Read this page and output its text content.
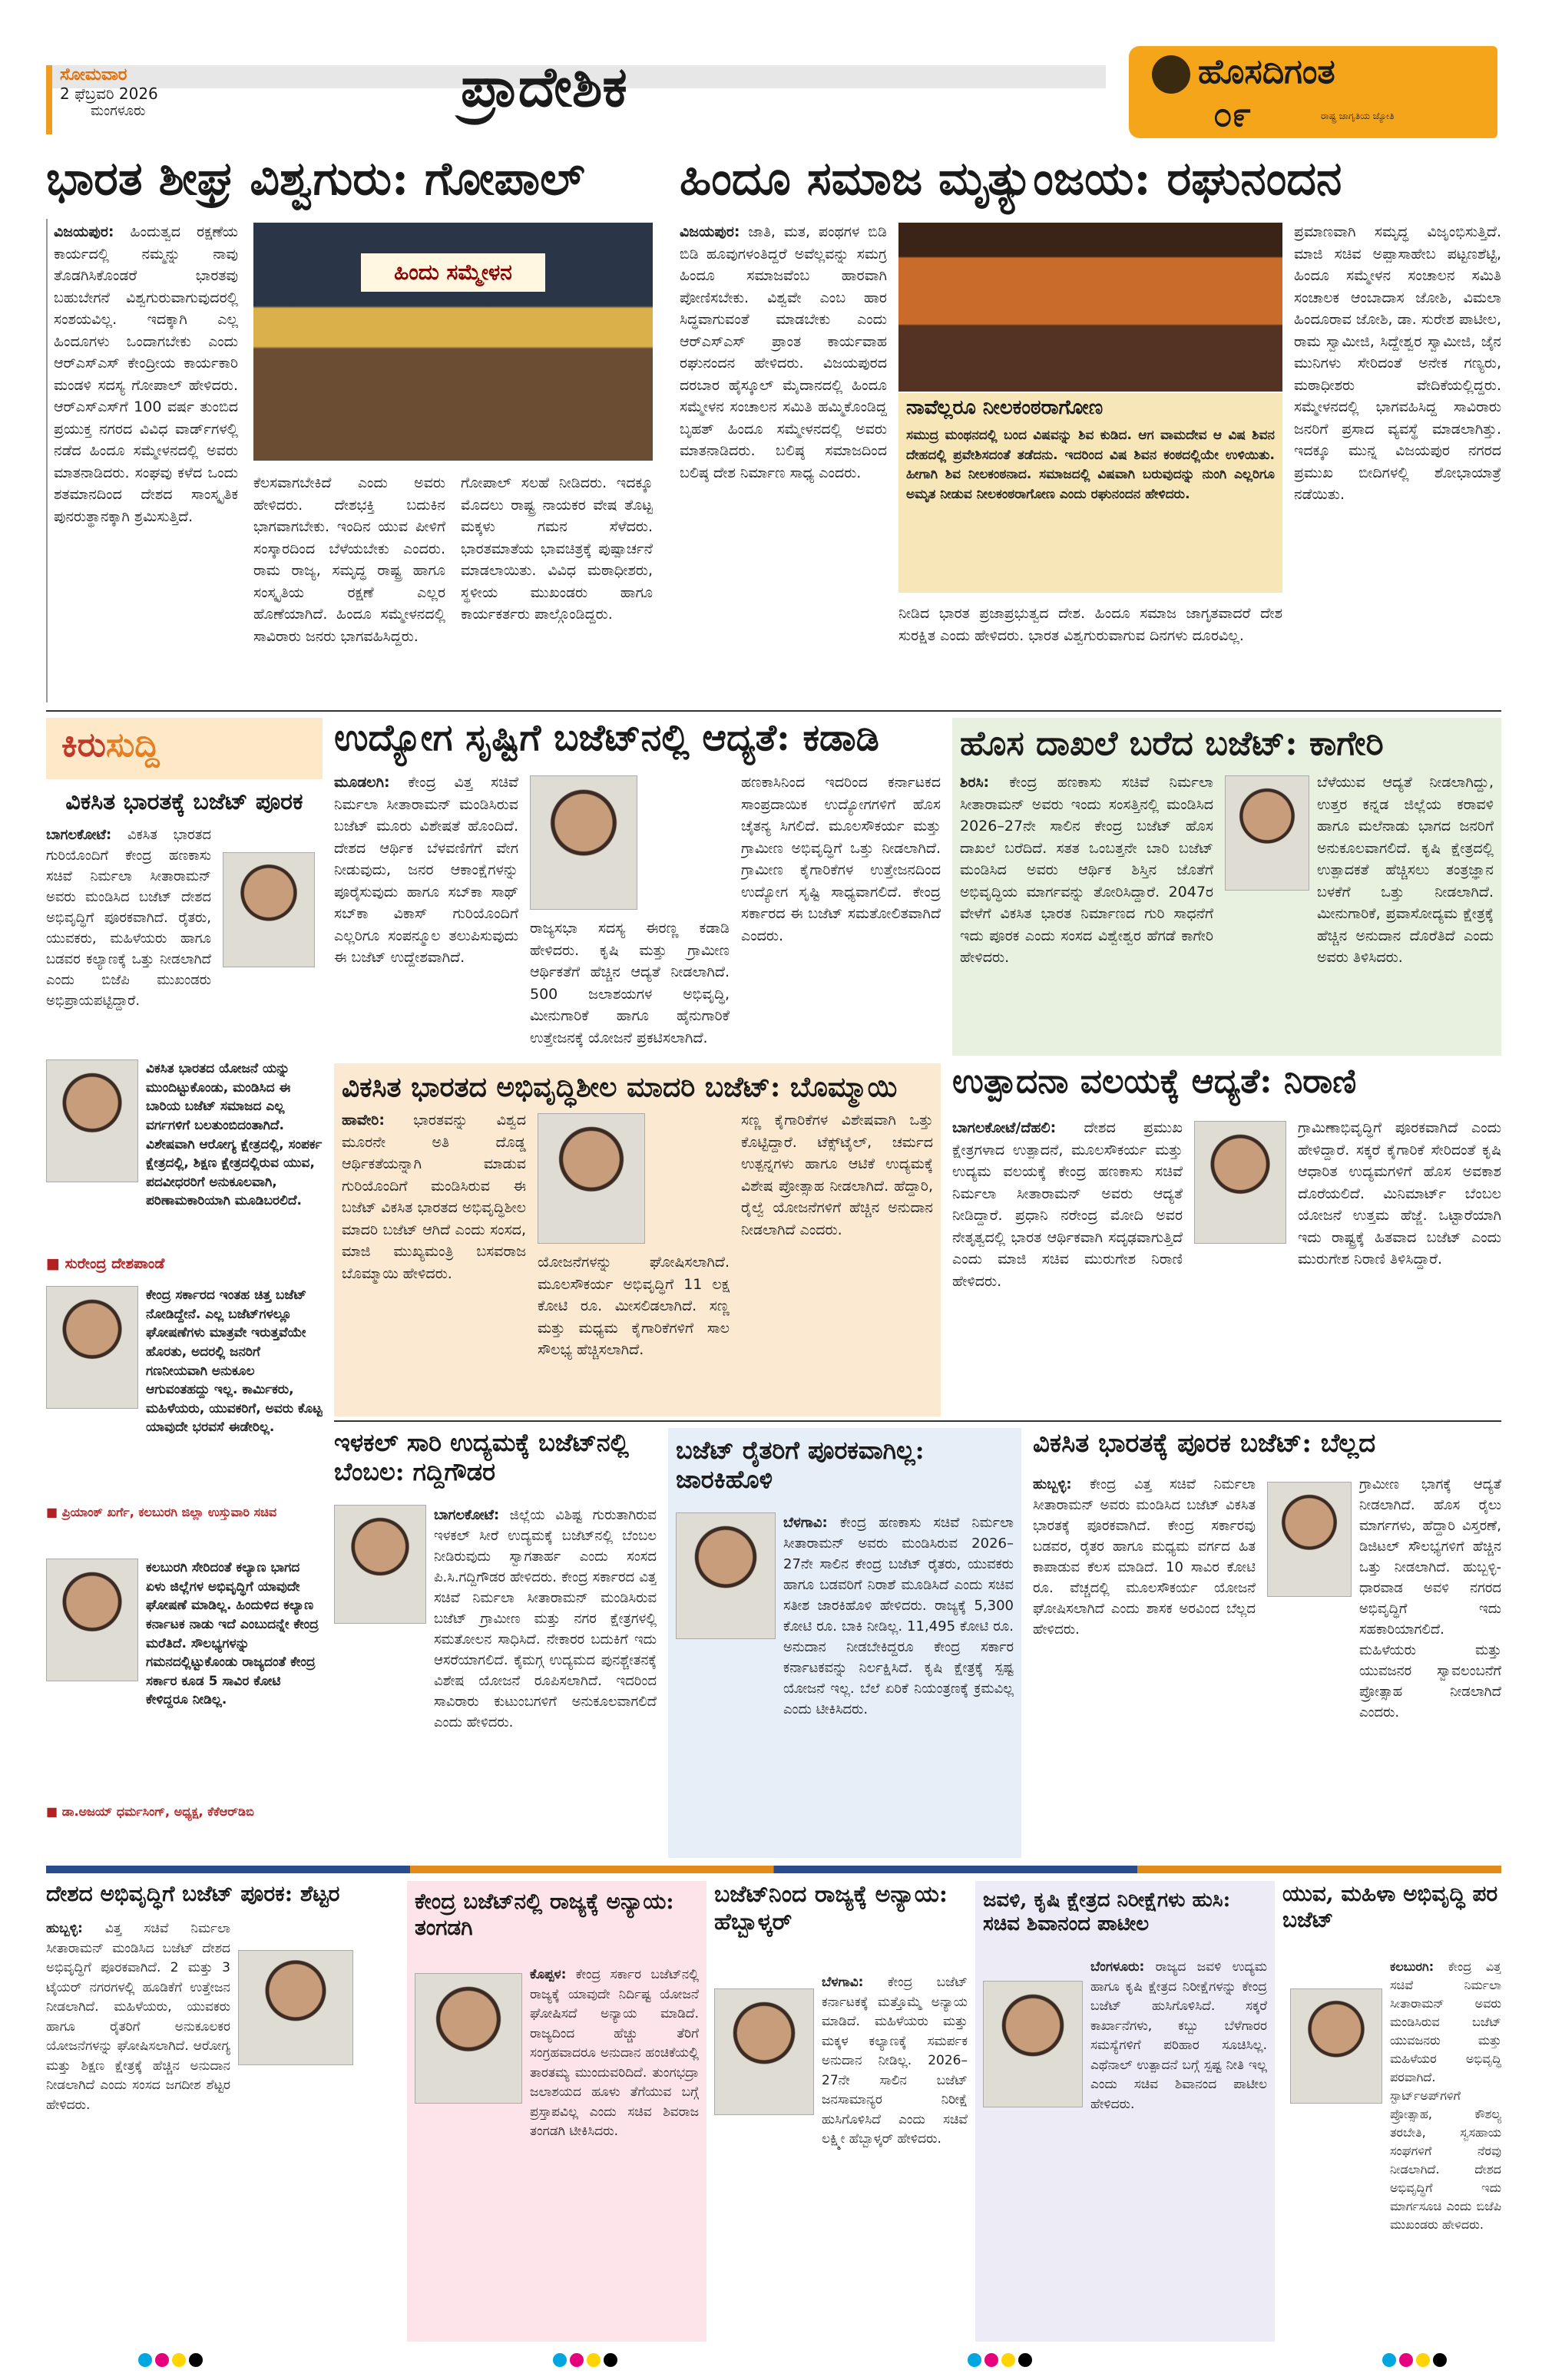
ಸೋಮವಾರ
2 ಫೆಬ್ರವರಿ 2026
ಮಂಗಳೂರು	ಪ್ರಾದೇಶಿಕ	ಹೊಸದಿಗಂತ
೦೯	ರಾಷ್ಟ್ರ ಜಾಗೃತಿಯ ಜ್ಯೋತಿ
ಭಾರತ ಶೀಘ್ರ ವಿಶ್ವಗುರು: ಗೋಪಾಲ್
ವಿಜಯಪುರ: ಹಿಂದುತ್ವದ ರಕ್ಷಣೆಯ ಕಾರ್ಯದಲ್ಲಿ ನಮ್ಮನ್ನು ನಾವು ತೊಡಗಿಸಿಕೊಂಡರೆ ಭಾರತವು ಬಹುಬೇಗನೆ ವಿಶ್ವಗುರುವಾಗುವುದರಲ್ಲಿ ಸಂಶಯವಿಲ್ಲ. ಇದಕ್ಕಾಗಿ ಎಲ್ಲ ಹಿಂದೂಗಳು ಒಂದಾಗಬೇಕು ಎಂದು ಆರ್‌ಎಸ್‌ಎಸ್ ಕೇಂದ್ರೀಯ ಕಾರ್ಯಕಾರಿ ಮಂಡಳಿ ಸದಸ್ಯ ಗೋಪಾಲ್ ಹೇಳಿದರು. ಆರ್‌ಎಸ್‌ಎಸ್‌ಗೆ 100 ವರ್ಷ ತುಂಬಿದ ಪ್ರಯುಕ್ತ ನಗರದ ವಿವಿಧ ವಾರ್ಡ್‌ಗಳಲ್ಲಿ ನಡೆದ ಹಿಂದೂ ಸಮ್ಮೇಳನದಲ್ಲಿ ಅವರು ಮಾತನಾಡಿದರು. ಸಂಘವು ಕಳೆದ ಒಂದು ಶತಮಾನದಿಂದ ದೇಶದ ಸಾಂಸ್ಕೃತಿಕ ಪುನರುತ್ಥಾನಕ್ಕಾಗಿ ಶ್ರಮಿಸುತ್ತಿದೆ.
ಹಿಂದು ಸಮ್ಮೇಳನ
ಕೆಲಸವಾಗಬೇಕಿದೆ ಎಂದು ಅವರು ಹೇಳಿದರು. ದೇಶಭಕ್ತಿ ಬದುಕಿನ ಭಾಗವಾಗಬೇಕು. ಇಂದಿನ ಯುವ ಪೀಳಿಗೆ ಸಂಸ್ಕಾರದಿಂದ ಬೆಳೆಯಬೇಕು ಎಂದರು. ರಾಮ ರಾಜ್ಯ, ಸಮೃದ್ಧ ರಾಷ್ಟ್ರ ಹಾಗೂ ಸಂಸ್ಕೃತಿಯ ರಕ್ಷಣೆ ಎಲ್ಲರ ಹೊಣೆಯಾಗಿದೆ. ಹಿಂದೂ ಸಮ್ಮೇಳನದಲ್ಲಿ ಸಾವಿರಾರು ಜನರು ಭಾಗವಹಿಸಿದ್ದರು.
ಗೋಪಾಲ್ ಸಲಹೆ ನೀಡಿದರು. ಇದಕ್ಕೂ ಮೊದಲು ರಾಷ್ಟ್ರ ನಾಯಕರ ವೇಷ ತೊಟ್ಟ ಮಕ್ಕಳು ಗಮನ ಸೆಳೆದರು. ಭಾರತಮಾತೆಯ ಭಾವಚಿತ್ರಕ್ಕೆ ಪುಷ್ಪಾರ್ಚನೆ ಮಾಡಲಾಯಿತು. ವಿವಿಧ ಮಠಾಧೀಶರು, ಸ್ಥಳೀಯ ಮುಖಂಡರು ಹಾಗೂ ಕಾರ್ಯಕರ್ತರು ಪಾಲ್ಗೊಂಡಿದ್ದರು.
ಹಿಂದೂ ಸಮಾಜ ಮೃತ್ಯುಂಜಯ: ರಘುನಂದನ
ವಿಜಯಪುರ: ಜಾತಿ, ಮತ, ಪಂಥಗಳ ಬಿಡಿ ಬಿಡಿ ಹೂವುಗಳಂತಿದ್ದರೆ ಅವೆಲ್ಲವನ್ನು ಸಮಗ್ರ ಹಿಂದೂ ಸಮಾಜವೆಂಬ ಹಾರವಾಗಿ ಪೋಣಿಸಬೇಕು. ವಿಶ್ವವೇ ಎಂಬ ಹಾರ ಸಿದ್ಧವಾಗುವಂತೆ ಮಾಡಬೇಕು ಎಂದು ಆರ್‌ಎಸ್‌ಎಸ್ ಪ್ರಾಂತ ಕಾರ್ಯವಾಹ ರಘುನಂದನ ಹೇಳಿದರು. ವಿಜಯಪುರದ ದರಬಾರ ಹೈಸ್ಕೂಲ್ ಮೈದಾನದಲ್ಲಿ ಹಿಂದೂ ಸಮ್ಮೇಳನ ಸಂಚಾಲನ ಸಮಿತಿ ಹಮ್ಮಿಕೊಂಡಿದ್ದ ಬೃಹತ್ ಹಿಂದೂ ಸಮ್ಮೇಳನದಲ್ಲಿ ಅವರು ಮಾತನಾಡಿದರು. ಬಲಿಷ್ಠ ಸಮಾಜದಿಂದ ಬಲಿಷ್ಠ ದೇಶ ನಿರ್ಮಾಣ ಸಾಧ್ಯ ಎಂದರು.
ನಾವೆಲ್ಲರೂ ನೀಲಕಂಠರಾಗೋಣ
ಸಮುದ್ರ ಮಂಥನದಲ್ಲಿ ಬಂದ ವಿಷವನ್ನು ಶಿವ ಕುಡಿದ. ಆಗ ವಾಮದೇವ ಆ ವಿಷ ಶಿವನ ದೇಹದಲ್ಲಿ ಪ್ರವೇಶಿಸದಂತೆ ತಡೆದನು. ಇದರಿಂದ ವಿಷ ಶಿವನ ಕಂಠದಲ್ಲಿಯೇ ಉಳಿಯಿತು. ಹೀಗಾಗಿ ಶಿವ ನೀಲಕಂಠನಾದ. ಸಮಾಜದಲ್ಲಿ ವಿಷವಾಗಿ ಬರುವುದನ್ನು ನುಂಗಿ ಎಲ್ಲರಿಗೂ ಅಮೃತ ನೀಡುವ ನೀಲಕಂಠರಾಗೋಣ ಎಂದು ರಘುನಂದನ ಹೇಳಿದರು.
ನೀಡಿದ ಭಾರತ ಪ್ರಜಾಪ್ರಭುತ್ವದ ದೇಶ. ಹಿಂದೂ ಸಮಾಜ ಜಾಗೃತವಾದರೆ ದೇಶ ಸುರಕ್ಷಿತ ಎಂದು ಹೇಳಿದರು. ಭಾರತ ವಿಶ್ವಗುರುವಾಗುವ ದಿನಗಳು ದೂರವಿಲ್ಲ.
ಪ್ರಮಾಣವಾಗಿ ಸಮೃದ್ಧ ವಿಜೃಂಭಿಸುತ್ತಿದೆ. ಮಾಜಿ ಸಚಿವ ಅಪ್ಪಾಸಾಹೇಬ ಪಟ್ಟಣಶೆಟ್ಟಿ, ಹಿಂದೂ ಸಮ್ಮೇಳನ ಸಂಚಾಲನ ಸಮಿತಿ ಸಂಚಾಲಕ ಆಂಬಾದಾಸ ಜೋಶಿ, ವಿಮಲಾ ಹಿಂದೂರಾವ ಜೋಶಿ, ಡಾ. ಸುರೇಶ ಪಾಟೀಲ, ರಾಮ ಸ್ವಾಮೀಜಿ, ಸಿದ್ದೇಶ್ವರ ಸ್ವಾಮೀಜಿ, ಜೈನ ಮುನಿಗಳು ಸೇರಿದಂತೆ ಅನೇಕ ಗಣ್ಯರು, ಮಠಾಧೀಶರು ವೇದಿಕೆಯಲ್ಲಿದ್ದರು. ಸಮ್ಮೇಳನದಲ್ಲಿ ಭಾಗವಹಿಸಿದ್ದ ಸಾವಿರಾರು ಜನರಿಗೆ ಪ್ರಸಾದ ವ್ಯವಸ್ಥೆ ಮಾಡಲಾಗಿತ್ತು. ಇದಕ್ಕೂ ಮುನ್ನ ವಿಜಯಪುರ ನಗರದ ಪ್ರಮುಖ ಬೀದಿಗಳಲ್ಲಿ ಶೋಭಾಯಾತ್ರೆ ನಡೆಯಿತು.
ಕಿರುಸುದ್ದಿ
ವಿಕಸಿತ ಭಾರತಕ್ಕೆ ಬಜೆಟ್ ಪೂರಕ
ಬಾಗಲಕೋಟೆ: ವಿಕಸಿತ ಭಾರತದ ಗುರಿಯೊಂದಿಗೆ ಕೇಂದ್ರ ಹಣಕಾಸು ಸಚಿವೆ ನಿರ್ಮಲಾ ಸೀತಾರಾಮನ್ ಅವರು ಮಂಡಿಸಿದ ಬಜೆಟ್ ದೇಶದ ಅಭಿವೃದ್ಧಿಗೆ ಪೂರಕವಾಗಿದೆ. ರೈತರು, ಯುವಕರು, ಮಹಿಳೆಯರು ಹಾಗೂ ಬಡವರ ಕಲ್ಯಾಣಕ್ಕೆ ಒತ್ತು ನೀಡಲಾಗಿದೆ ಎಂದು ಬಿಜೆಪಿ ಮುಖಂಡರು ಅಭಿಪ್ರಾಯಪಟ್ಟಿದ್ದಾರೆ.
ವಿಕಸಿತ ಭಾರತದ ಯೋಜನೆ ಯನ್ನು ಮುಂದಿಟ್ಟುಕೊಂಡು, ಮಂಡಿಸಿದ ಈ ಬಾರಿಯ ಬಜೆಟ್ ಸಮಾಜದ ಎಲ್ಲ ವರ್ಗಗಳಿಗೆ ಬಲತುಂಬಿದಂತಾಗಿದೆ. ವಿಶೇಷವಾಗಿ ಆರೋಗ್ಯ ಕ್ಷೇತ್ರದಲ್ಲಿ, ಸಂಪರ್ಕ ಕ್ಷೇತ್ರದಲ್ಲಿ, ಶಿಕ್ಷಣ ಕ್ಷೇತ್ರದಲ್ಲಿರುವ ಯುವ, ಪದವೀಧರರಿಗೆ ಅನುಕೂಲವಾಗಿ, ಪರಿಣಾಮಕಾರಿಯಾಗಿ ಮೂಡಿಬರಲಿದೆ.
■ ಸುರೇಂದ್ರ ದೇಶಪಾಂಡೆ
ಕೇಂದ್ರ ಸರ್ಕಾರದ ಇಂತಹ ಚಿತ್ತ ಬಜೆಟ್ ನೋಡಿದ್ದೇನೆ. ಎಲ್ಲ ಬಜೆಟ್‌ಗಳಲ್ಲೂ ಘೋಷಣೆಗಳು ಮಾತ್ರವೇ ಇರುತ್ತವೆಯೇ ಹೊರತು, ಅದರಲ್ಲಿ ಜನರಿಗೆ ಗಣನೀಯವಾಗಿ ಅನುಕೂಲ ಆಗುವಂತಹದ್ದು ಇಲ್ಲ. ಕಾರ್ಮಿಕರು, ಮಹಿಳೆಯರು, ಯುವಕರಿಗೆ, ಅವರು ಕೊಟ್ಟ ಯಾವುದೇ ಭರವಸೆ ಈಡೇರಿಲ್ಲ.
■ ಪ್ರಿಯಾಂಕ್ ಖರ್ಗೆ, ಕಲಬುರಗಿ ಜಿಲ್ಲಾ ಉಸ್ತುವಾರಿ ಸಚಿವ
ಕಲಬುರಗಿ ಸೇರಿದಂತೆ ಕಲ್ಯಾಣ ಭಾಗದ ಏಳು ಜಿಲ್ಲೆಗಳ ಅಭಿವೃದ್ಧಿಗೆ ಯಾವುದೇ ಘೋಷಣೆ ಮಾಡಿಲ್ಲ. ಹಿಂದುಳಿದ ಕಲ್ಯಾಣ ಕರ್ನಾಟಕ ನಾಡು ಇದೆ ಎಂಬುದನ್ನೇ ಕೇಂದ್ರ ಮರೆತಿದೆ. ಸೌಲಭ್ಯಗಳನ್ನು ಗಮನದಲ್ಲಿಟ್ಟುಕೊಂಡು ರಾಜ್ಯದಂತೆ ಕೇಂದ್ರ ಸರ್ಕಾರ ಕೂಡ 5 ಸಾವಿರ ಕೋಟಿ ಕೇಳಿದ್ದರೂ ನೀಡಿಲ್ಲ.
■ ಡಾ.ಅಜಯ್ ಧರ್ಮಸಿಂಗ್, ಅಧ್ಯಕ್ಷ, ಕೆಕೆಆರ್‌ಡಿಬಿ
ಉದ್ಯೋಗ ಸೃಷ್ಟಿಗೆ ಬಜೆಟ್‌ನಲ್ಲಿ ಆದ್ಯತೆ: ಕಡಾಡಿ
ಮೂಡಲಗಿ: ಕೇಂದ್ರ ವಿತ್ತ ಸಚಿವೆ ನಿರ್ಮಲಾ ಸೀತಾರಾಮನ್ ಮಂಡಿಸಿರುವ ಬಜೆಟ್ ಮೂರು ವಿಶೇಷತೆ ಹೊಂದಿದೆ. ದೇಶದ ಆರ್ಥಿಕ ಬೆಳವಣಿಗೆಗೆ ವೇಗ ನೀಡುವುದು, ಜನರ ಆಕಾಂಕ್ಷೆಗಳನ್ನು ಪೂರೈಸುವುದು ಹಾಗೂ ಸಬ್‌ಕಾ ಸಾಥ್ ಸಬ್‌ಕಾ ವಿಕಾಸ್ ಗುರಿಯೊಂದಿಗೆ ಎಲ್ಲರಿಗೂ ಸಂಪನ್ಮೂಲ ತಲುಪಿಸುವುದು ಈ ಬಜೆಟ್ ಉದ್ದೇಶವಾಗಿದೆ.
ರಾಜ್ಯಸಭಾ ಸದಸ್ಯ ಈರಣ್ಣ ಕಡಾಡಿ ಹೇಳಿದರು. ಕೃಷಿ ಮತ್ತು ಗ್ರಾಮೀಣ ಆರ್ಥಿಕತೆಗೆ ಹೆಚ್ಚಿನ ಆದ್ಯತೆ ನೀಡಲಾಗಿದೆ. 500 ಜಲಾಶಯಗಳ ಅಭಿವೃದ್ಧಿ, ಮೀನುಗಾರಿಕೆ ಹಾಗೂ ಹೈನುಗಾರಿಕೆ ಉತ್ತೇಜನಕ್ಕೆ ಯೋಜನೆ ಪ್ರಕಟಿಸಲಾಗಿದೆ.
ಹಣಕಾಸಿನಿಂದ ಇದರಿಂದ ಕರ್ನಾಟಕದ ಸಾಂಪ್ರದಾಯಿಕ ಉದ್ಯೋಗಗಳಿಗೆ ಹೊಸ ಚೈತನ್ಯ ಸಿಗಲಿದೆ. ಮೂಲಸೌಕರ್ಯ ಮತ್ತು ಗ್ರಾಮೀಣ ಅಭಿವೃದ್ಧಿಗೆ ಒತ್ತು ನೀಡಲಾಗಿದೆ. ಗ್ರಾಮೀಣ ಕೈಗಾರಿಕೆಗಳ ಉತ್ತೇಜನದಿಂದ ಉದ್ಯೋಗ ಸೃಷ್ಟಿ ಸಾಧ್ಯವಾಗಲಿದೆ. ಕೇಂದ್ರ ಸರ್ಕಾರದ ಈ ಬಜೆಟ್ ಸಮತೋಲಿತವಾಗಿದೆ ಎಂದರು.
ಹೊಸ ದಾಖಲೆ ಬರೆದ ಬಜೆಟ್: ಕಾಗೇರಿ
ಶಿರಸಿ: ಕೇಂದ್ರ ಹಣಕಾಸು ಸಚಿವೆ ನಿರ್ಮಲಾ ಸೀತಾರಾಮನ್ ಅವರು ಇಂದು ಸಂಸತ್ತಿನಲ್ಲಿ ಮಂಡಿಸಿದ 2026–27ನೇ ಸಾಲಿನ ಕೇಂದ್ರ ಬಜೆಟ್ ಹೊಸ ದಾಖಲೆ ಬರೆದಿದೆ. ಸತತ ಒಂಬತ್ತನೇ ಬಾರಿ ಬಜೆಟ್ ಮಂಡಿಸಿದ ಅವರು ಆರ್ಥಿಕ ಶಿಸ್ತಿನ ಜೊತೆಗೆ ಅಭಿವೃದ್ಧಿಯ ಮಾರ್ಗವನ್ನು ತೋರಿಸಿದ್ದಾರೆ. 2047ರ ವೇಳೆಗೆ ವಿಕಸಿತ ಭಾರತ ನಿರ್ಮಾಣದ ಗುರಿ ಸಾಧನೆಗೆ ಇದು ಪೂರಕ ಎಂದು ಸಂಸದ ವಿಶ್ವೇಶ್ವರ ಹೆಗಡೆ ಕಾಗೇರಿ ಹೇಳಿದರು.
ಬೆಳೆಯುವ ಆದ್ಯತೆ ನೀಡಲಾಗಿದ್ದು, ಉತ್ತರ ಕನ್ನಡ ಜಿಲ್ಲೆಯ ಕರಾವಳಿ ಹಾಗೂ ಮಲೆನಾಡು ಭಾಗದ ಜನರಿಗೆ ಅನುಕೂಲವಾಗಲಿದೆ. ಕೃಷಿ ಕ್ಷೇತ್ರದಲ್ಲಿ ಉತ್ಪಾದಕತೆ ಹೆಚ್ಚಿಸಲು ತಂತ್ರಜ್ಞಾನ ಬಳಕೆಗೆ ಒತ್ತು ನೀಡಲಾಗಿದೆ. ಮೀನುಗಾರಿಕೆ, ಪ್ರವಾಸೋದ್ಯಮ ಕ್ಷೇತ್ರಕ್ಕೆ ಹೆಚ್ಚಿನ ಅನುದಾನ ದೊರೆತಿದೆ ಎಂದು ಅವರು ತಿಳಿಸಿದರು.
ವಿಕಸಿತ ಭಾರತದ ಅಭಿವೃದ್ಧಿಶೀಲ ಮಾದರಿ ಬಜೆಟ್: ಬೊಮ್ಮಾಯಿ
ಹಾವೇರಿ: ಭಾರತವನ್ನು ವಿಶ್ವದ ಮೂರನೇ ಅತಿ ದೊಡ್ಡ ಆರ್ಥಿಕತೆಯನ್ನಾಗಿ ಮಾಡುವ ಗುರಿಯೊಂದಿಗೆ ಮಂಡಿಸಿರುವ ಈ ಬಜೆಟ್ ವಿಕಸಿತ ಭಾರತದ ಅಭಿವೃದ್ಧಿಶೀಲ ಮಾದರಿ ಬಜೆಟ್ ಆಗಿದೆ ಎಂದು ಸಂಸದ, ಮಾಜಿ ಮುಖ್ಯಮಂತ್ರಿ ಬಸವರಾಜ ಬೊಮ್ಮಾಯಿ ಹೇಳಿದರು.
ಯೋಜನೆಗಳನ್ನು ಘೋಷಿಸಲಾಗಿದೆ. ಮೂಲಸೌಕರ್ಯ ಅಭಿವೃದ್ಧಿಗೆ 11 ಲಕ್ಷ ಕೋಟಿ ರೂ. ಮೀಸಲಿಡಲಾಗಿದೆ. ಸಣ್ಣ ಮತ್ತು ಮಧ್ಯಮ ಕೈಗಾರಿಕೆಗಳಿಗೆ ಸಾಲ ಸೌಲಭ್ಯ ಹೆಚ್ಚಿಸಲಾಗಿದೆ.
ಸಣ್ಣ ಕೈಗಾರಿಕೆಗಳ ವಿಶೇಷವಾಗಿ ಒತ್ತು ಕೊಟ್ಟಿದ್ದಾರೆ. ಟೆಕ್ಸ್‌ಟೈಲ್, ಚರ್ಮದ ಉತ್ಪನ್ನಗಳು ಹಾಗೂ ಆಟಿಕೆ ಉದ್ಯಮಕ್ಕೆ ವಿಶೇಷ ಪ್ರೋತ್ಸಾಹ ನೀಡಲಾಗಿದೆ. ಹೆದ್ದಾರಿ, ರೈಲ್ವೆ ಯೋಜನೆಗಳಿಗೆ ಹೆಚ್ಚಿನ ಅನುದಾನ ನೀಡಲಾಗಿದೆ ಎಂದರು.
ಉತ್ಪಾದನಾ ವಲಯಕ್ಕೆ ಆದ್ಯತೆ: ನಿರಾಣಿ
ಬಾಗಲಕೋಟೆ/ದೆಹಲಿ: ದೇಶದ ಪ್ರಮುಖ ಕ್ಷೇತ್ರಗಳಾದ ಉತ್ಪಾದನೆ, ಮೂಲಸೌಕರ್ಯ ಮತ್ತು ಉದ್ಯಮ ವಲಯಕ್ಕೆ ಕೇಂದ್ರ ಹಣಕಾಸು ಸಚಿವೆ ನಿರ್ಮಲಾ ಸೀತಾರಾಮನ್ ಅವರು ಆದ್ಯತೆ ನೀಡಿದ್ದಾರೆ. ಪ್ರಧಾನಿ ನರೇಂದ್ರ ಮೋದಿ ಅವರ ನೇತೃತ್ವದಲ್ಲಿ ಭಾರತ ಆರ್ಥಿಕವಾಗಿ ಸದೃಢವಾಗುತ್ತಿದೆ ಎಂದು ಮಾಜಿ ಸಚಿವ ಮುರುಗೇಶ ನಿರಾಣಿ ಹೇಳಿದರು.
ಗ್ರಾಮಿಣಾಭಿವೃದ್ಧಿಗೆ ಪೂರಕವಾಗಿದೆ ಎಂದು ಹೇಳಿದ್ದಾರೆ. ಸಕ್ಕರೆ ಕೈಗಾರಿಕೆ ಸೇರಿದಂತೆ ಕೃಷಿ ಆಧಾರಿತ ಉದ್ಯಮಗಳಿಗೆ ಹೊಸ ಅವಕಾಶ ದೊರೆಯಲಿದೆ. ಮಿನಿಮಾರ್ಟ್ ಬೆಂಬಲ ಯೋಜನೆ ಉತ್ತಮ ಹೆಜ್ಜೆ. ಒಟ್ಟಾರೆಯಾಗಿ ಇದು ರಾಷ್ಟ್ರಕ್ಕೆ ಹಿತವಾದ ಬಜೆಟ್ ಎಂದು ಮುರುಗೇಶ ನಿರಾಣಿ ತಿಳಿಸಿದ್ದಾರೆ.
ಇಳಕಲ್ ಸಾರಿ ಉದ್ಯಮಕ್ಕೆ ಬಜೆಟ್‌ನಲ್ಲಿ ಬೆಂಬಲ: ಗದ್ದಿಗೌಡರ
ಬಾಗಲಕೋಟೆ: ಜಿಲ್ಲೆಯ ವಿಶಿಷ್ಟ ಗುರುತಾಗಿರುವ ಇಳಕಲ್ ಸೀರೆ ಉದ್ಯಮಕ್ಕೆ ಬಜೆಟ್‌ನಲ್ಲಿ ಬೆಂಬಲ ನೀಡಿರುವುದು ಸ್ವಾಗತಾರ್ಹ ಎಂದು ಸಂಸದ ಪಿ.ಸಿ.ಗದ್ದಿಗೌಡರ ಹೇಳಿದರು. ಕೇಂದ್ರ ಸರ್ಕಾರದ ವಿತ್ತ ಸಚಿವೆ ನಿರ್ಮಲಾ ಸೀತಾರಾಮನ್ ಮಂಡಿಸಿರುವ ಬಜೆಟ್ ಗ್ರಾಮೀಣ ಮತ್ತು ನಗರ ಕ್ಷೇತ್ರಗಳಲ್ಲಿ ಸಮತೋಲನ ಸಾಧಿಸಿದೆ. ನೇಕಾರರ ಬದುಕಿಗೆ ಇದು ಆಸರೆಯಾಗಲಿದೆ. ಕೈಮಗ್ಗ ಉದ್ಯಮದ ಪುನಶ್ಚೇತನಕ್ಕೆ ವಿಶೇಷ ಯೋಜನೆ ರೂಪಿಸಲಾಗಿದೆ. ಇದರಿಂದ ಸಾವಿರಾರು ಕುಟುಂಬಗಳಿಗೆ ಅನುಕೂಲವಾಗಲಿದೆ ಎಂದು ಹೇಳಿದರು.
ಬಜೆಟ್ ರೈತರಿಗೆ ಪೂರಕವಾಗಿಲ್ಲ: ಜಾರಕಿಹೊಳಿ
ಬೆಳಗಾವಿ: ಕೇಂದ್ರ ಹಣಕಾಸು ಸಚಿವೆ ನಿರ್ಮಲಾ ಸೀತಾರಾಮನ್ ಅವರು ಮಂಡಿಸಿರುವ 2026–27ನೇ ಸಾಲಿನ ಕೇಂದ್ರ ಬಜೆಟ್ ರೈತರು, ಯುವಕರು ಹಾಗೂ ಬಡವರಿಗೆ ನಿರಾಶೆ ಮೂಡಿಸಿದೆ ಎಂದು ಸಚಿವ ಸತೀಶ ಜಾರಕಿಹೊಳಿ ಹೇಳಿದರು. ರಾಜ್ಯಕ್ಕೆ 5,300 ಕೋಟಿ ರೂ. ಬಾಕಿ ನೀಡಿಲ್ಲ. 11,495 ಕೋಟಿ ರೂ. ಅನುದಾನ ನೀಡಬೇಕಿದ್ದರೂ ಕೇಂದ್ರ ಸರ್ಕಾರ ಕರ್ನಾಟಕವನ್ನು ನಿರ್ಲಕ್ಷಿಸಿದೆ. ಕೃಷಿ ಕ್ಷೇತ್ರಕ್ಕೆ ಸ್ಪಷ್ಟ ಯೋಜನೆ ಇಲ್ಲ. ಬೆಲೆ ಏರಿಕೆ ನಿಯಂತ್ರಣಕ್ಕೆ ಕ್ರಮವಿಲ್ಲ ಎಂದು ಟೀಕಿಸಿದರು.
ವಿಕಸಿತ ಭಾರತಕ್ಕೆ ಪೂರಕ ಬಜೆಟ್: ಬೆಲ್ಲದ
ಹುಬ್ಬಳ್ಳಿ: ಕೇಂದ್ರ ವಿತ್ತ ಸಚಿವೆ ನಿರ್ಮಲಾ ಸೀತಾರಾಮನ್ ಅವರು ಮಂಡಿಸಿದ ಬಜೆಟ್ ವಿಕಸಿತ ಭಾರತಕ್ಕೆ ಪೂರಕವಾಗಿದೆ. ಕೇಂದ್ರ ಸರ್ಕಾರವು ಬಡವರ, ರೈತರ ಹಾಗೂ ಮಧ್ಯಮ ವರ್ಗದ ಹಿತ ಕಾಪಾಡುವ ಕೆಲಸ ಮಾಡಿದೆ. 10 ಸಾವಿರ ಕೋಟಿ ರೂ. ವೆಚ್ಚದಲ್ಲಿ ಮೂಲಸೌಕರ್ಯ ಯೋಜನೆ ಘೋಷಿಸಲಾಗಿದೆ ಎಂದು ಶಾಸಕ ಅರವಿಂದ ಬೆಲ್ಲದ ಹೇಳಿದರು.
ಗ್ರಾಮೀಣ ಭಾಗಕ್ಕೆ ಆದ್ಯತೆ ನೀಡಲಾಗಿದೆ. ಹೊಸ ರೈಲು ಮಾರ್ಗಗಳು, ಹೆದ್ದಾರಿ ವಿಸ್ತರಣೆ, ಡಿಜಿಟಲ್ ಸೌಲಭ್ಯಗಳಿಗೆ ಹೆಚ್ಚಿನ ಒತ್ತು ನೀಡಲಾಗಿದೆ. ಹುಬ್ಬಳ್ಳಿ-ಧಾರವಾಡ ಅವಳಿ ನಗರದ ಅಭಿವೃದ್ಧಿಗೆ ಇದು ಸಹಕಾರಿಯಾಗಲಿದೆ. ಮಹಿಳೆಯರು ಮತ್ತು ಯುವಜನರ ಸ್ವಾವಲಂಬನೆಗೆ ಪ್ರೋತ್ಸಾಹ ನೀಡಲಾಗಿದೆ ಎಂದರು.
ದೇಶದ ಅಭಿವೃದ್ಧಿಗೆ ಬಜೆಟ್ ಪೂರಕ: ಶೆಟ್ಟರ
ಹುಬ್ಬಳ್ಳಿ: ವಿತ್ತ ಸಚಿವೆ ನಿರ್ಮಲಾ ಸೀತಾರಾಮನ್ ಮಂಡಿಸಿದ ಬಜೆಟ್ ದೇಶದ ಅಭಿವೃದ್ಧಿಗೆ ಪೂರಕವಾಗಿದೆ. 2 ಮತ್ತು 3 ಟೈಯರ್ ನಗರಗಳಲ್ಲಿ ಹೂಡಿಕೆಗೆ ಉತ್ತೇಜನ ನೀಡಲಾಗಿದೆ. ಮಹಿಳೆಯರು, ಯುವಕರು ಹಾಗೂ ರೈತರಿಗೆ ಅನುಕೂಲಕರ ಯೋಜನೆಗಳನ್ನು ಘೋಷಿಸಲಾಗಿದೆ. ಆರೋಗ್ಯ ಮತ್ತು ಶಿಕ್ಷಣ ಕ್ಷೇತ್ರಕ್ಕೆ ಹೆಚ್ಚಿನ ಅನುದಾನ ನೀಡಲಾಗಿದೆ ಎಂದು ಸಂಸದ ಜಗದೀಶ ಶೆಟ್ಟರ ಹೇಳಿದರು.
ಕೇಂದ್ರ ಬಜೆಟ್‌ನಲ್ಲಿ ರಾಜ್ಯಕ್ಕೆ ಅನ್ಯಾಯ: ತಂಗಡಗಿ
ಕೊಪ್ಪಳ: ಕೇಂದ್ರ ಸರ್ಕಾರ ಬಜೆಟ್‌ನಲ್ಲಿ ರಾಜ್ಯಕ್ಕೆ ಯಾವುದೇ ನಿರ್ದಿಷ್ಟ ಯೋಜನೆ ಘೋಷಿಸದೆ ಅನ್ಯಾಯ ಮಾಡಿದೆ. ರಾಜ್ಯದಿಂದ ಹೆಚ್ಚು ತೆರಿಗೆ ಸಂಗ್ರಹವಾದರೂ ಅನುದಾನ ಹಂಚಿಕೆಯಲ್ಲಿ ತಾರತಮ್ಯ ಮುಂದುವರಿದಿದೆ. ತುಂಗಭದ್ರಾ ಜಲಾಶಯದ ಹೂಳು ತೆಗೆಯುವ ಬಗ್ಗೆ ಪ್ರಸ್ತಾಪವಿಲ್ಲ ಎಂದು ಸಚಿವ ಶಿವರಾಜ ತಂಗಡಗಿ ಟೀಕಿಸಿದರು.
ಬಜೆಟ್‌ನಿಂದ ರಾಜ್ಯಕ್ಕೆ ಅನ್ಯಾಯ: ಹೆಬ್ಬಾಳ್ಕರ್
ಬೆಳಗಾವಿ: ಕೇಂದ್ರ ಬಜೆಟ್ ಕರ್ನಾಟಕಕ್ಕೆ ಮತ್ತೊಮ್ಮೆ ಅನ್ಯಾಯ ಮಾಡಿದೆ. ಮಹಿಳೆಯರು ಮತ್ತು ಮಕ್ಕಳ ಕಲ್ಯಾಣಕ್ಕೆ ಸಮರ್ಪಕ ಅನುದಾನ ನೀಡಿಲ್ಲ. 2026–27ನೇ ಸಾಲಿನ ಬಜೆಟ್ ಜನಸಾಮಾನ್ಯರ ನಿರೀಕ್ಷೆ ಹುಸಿಗೊಳಿಸಿದೆ ಎಂದು ಸಚಿವೆ ಲಕ್ಷ್ಮೀ ಹೆಬ್ಬಾಳ್ಕರ್ ಹೇಳಿದರು.
ಜವಳಿ, ಕೃಷಿ ಕ್ಷೇತ್ರದ ನಿರೀಕ್ಷೆಗಳು ಹುಸಿ: ಸಚಿವ ಶಿವಾನಂದ ಪಾಟೀಲ
ಬೆಂಗಳೂರು: ರಾಜ್ಯದ ಜವಳಿ ಉದ್ಯಮ ಹಾಗೂ ಕೃಷಿ ಕ್ಷೇತ್ರದ ನಿರೀಕ್ಷೆಗಳನ್ನು ಕೇಂದ್ರ ಬಜೆಟ್ ಹುಸಿಗೊಳಿಸಿದೆ. ಸಕ್ಕರೆ ಕಾರ್ಖಾನೆಗಳು, ಕಬ್ಬು ಬೆಳೆಗಾರರ ಸಮಸ್ಯೆಗಳಿಗೆ ಪರಿಹಾರ ಸೂಚಿಸಿಲ್ಲ. ಎಥೆನಾಲ್ ಉತ್ಪಾದನೆ ಬಗ್ಗೆ ಸ್ಪಷ್ಟ ನೀತಿ ಇಲ್ಲ ಎಂದು ಸಚಿವ ಶಿವಾನಂದ ಪಾಟೀಲ ಹೇಳಿದರು.
ಯುವ, ಮಹಿಳಾ ಅಭಿವೃದ್ಧಿ ಪರ ಬಜೆಟ್
ಕಲಬುರಗಿ: ಕೇಂದ್ರ ವಿತ್ತ ಸಚಿವೆ ನಿರ್ಮಲಾ ಸೀತಾರಾಮನ್ ಅವರು ಮಂಡಿಸಿರುವ ಬಜೆಟ್ ಯುವಜನರು ಮತ್ತು ಮಹಿಳೆಯರ ಅಭಿವೃದ್ಧಿ ಪರವಾಗಿದೆ. ಸ್ಟಾರ್ಟ್‌ಅಪ್‌ಗಳಿಗೆ ಪ್ರೋತ್ಸಾಹ, ಕೌಶಲ್ಯ ತರಬೇತಿ, ಸ್ವಸಹಾಯ ಸಂಘಗಳಿಗೆ ನೆರವು ನೀಡಲಾಗಿದೆ. ದೇಶದ ಅಭಿವೃದ್ಧಿಗೆ ಇದು ಮಾರ್ಗಸೂಚಿ ಎಂದು ಬಿಜೆಪಿ ಮುಖಂಡರು ಹೇಳಿದರು.
